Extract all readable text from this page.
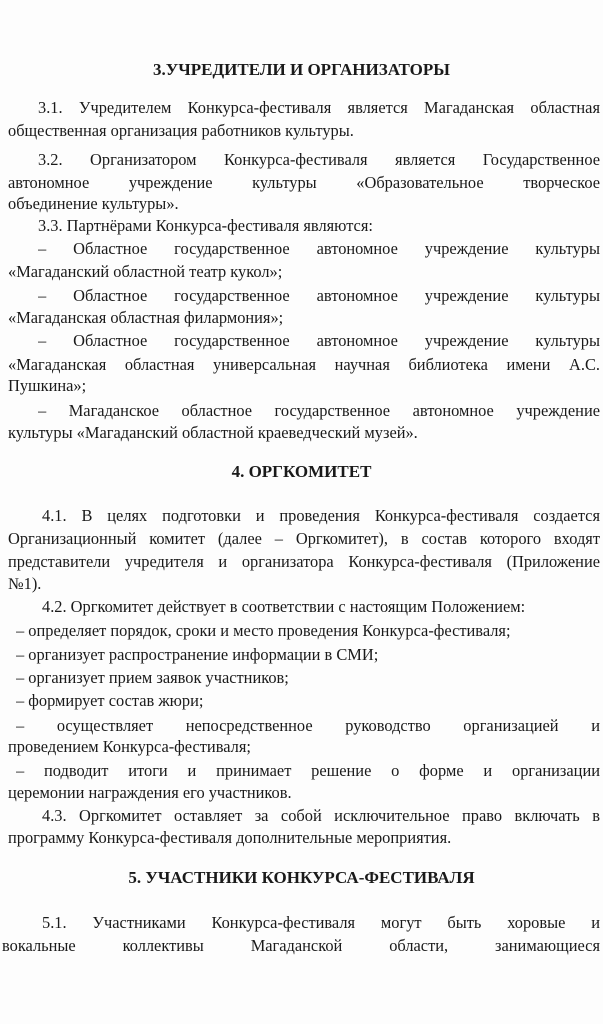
3.УЧРЕДИТЕЛИ И ОРГАНИЗАТОРЫ
3.1. Учредителем Конкурса-фестиваля является Магаданская областная
общественная организация работников культуры.
3.2. Организатором Конкурса-фестиваля является Государственное
автономное учреждение культуры «Образовательное творческое
объединение культуры».
3.3. Партнёрами Конкурса-фестиваля являются:
– Областное государственное автономное учреждение культуры
«Магаданский областной театр кукол»;
– Областное государственное автономное учреждение культуры
«Магаданская областная филармония»;
– Областное государственное автономное учреждение культуры
«Магаданская областная универсальная научная библиотека имени А.С.
Пушкина»;
– Магаданское областное государственное автономное учреждение
культуры «Магаданский областной краеведческий музей».
4. ОРГКОМИТЕТ
4.1. В целях подготовки и проведения Конкурса-фестиваля создается
Организационный комитет (далее – Оргкомитет), в состав которого входят
представители учредителя и организатора Конкурса-фестиваля (Приложение
№1).
4.2. Оргкомитет действует в соответствии с настоящим Положением:
– определяет порядок, сроки и место проведения Конкурса-фестиваля;
– организует распространение информации в СМИ;
– организует прием заявок участников;
– формирует состав жюри;
– осуществляет непосредственное руководство организацией и
проведением Конкурса-фестиваля;
– подводит итоги и принимает решение о форме и организации
церемонии награждения его участников.
4.3. Оргкомитет оставляет за собой исключительное право включать в
программу Конкурса-фестиваля дополнительные мероприятия.
5. УЧАСТНИКИ КОНКУРСА-ФЕСТИВАЛЯ
5.1. Участниками Конкурса-фестиваля могут быть хоровые и
вокальные коллективы Магаданской области, занимающиеся
